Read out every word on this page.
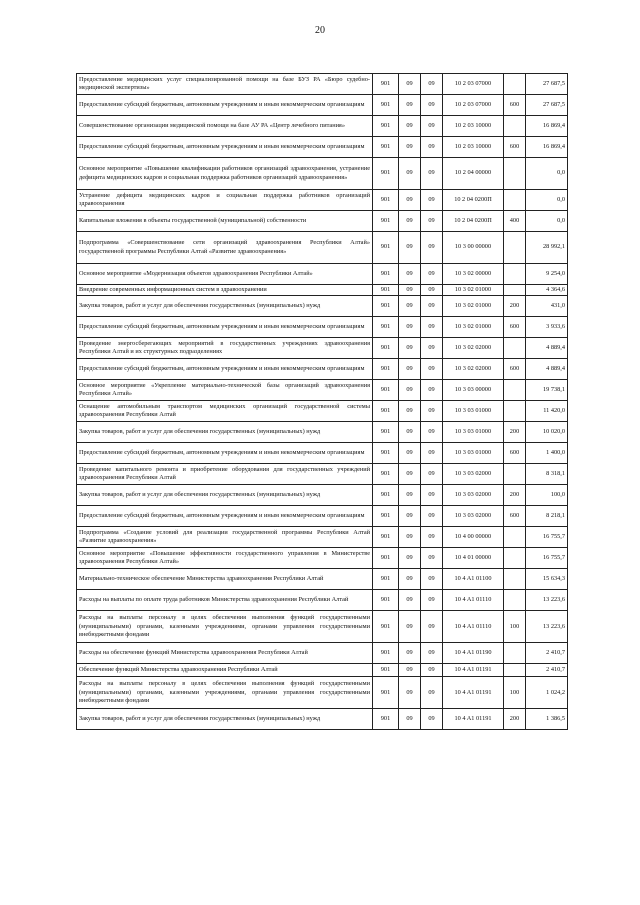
20
Предоставление медицинских услуг специализированной помощи на базе БУЗ РА «Бюро судебно-медицинской экспертизы»	901	09	09	10 2 03 07000		27 687,5
Предоставление субсидий бюджетным, автономным учреждениям и иным некоммерческим организациям	901	09	09	10 2 03 07000	600	27 687,5
Совершенствование организации медицинской помощи на базе АУ РА «Центр лечебного питания»	901	09	09	10 2 03 10000		16 869,4
Предоставление субсидий бюджетным, автономным учреждениям и иным некоммерческим организациям	901	09	09	10 2 03 10000	600	16 869,4
Основное мероприятие «Повышение квалификации работников организаций здравоохранения, устранение дефицита медицинских кадров и социальная поддержка работников организаций здравоохранения»	901	09	09	10 2 04 00000		0,0
Устранение дефицита медицинских кадров и социальная поддержка работников организаций здравоохранения	901	09	09	10 2 04 0200Π		0,0
Капитальные вложения в объекты государственной (муниципальной) собственности	901	09	09	10 2 04 0200Π	400	0,0
Подпрограмма «Совершенствование сети организаций здравоохранения Республики Алтай» государственной программы Республики Алтай «Развитие здравоохранения»	901	09	09	10 3 00 00000		28 992,1
Основное мероприятие «Модернизация объектов здравоохранения Республики Алтай»	901	09	09	10 3 02 00000		9 254,0
Внедрение современных информационных систем в здравоохранении	901	09	09	10 3 02 01000		4 364,6
Закупка товаров, работ и услуг для обеспечения государственных (муниципальных) нужд	901	09	09	10 3 02 01000	200	431,0
Предоставление субсидий бюджетным, автономным учреждениям и иным некоммерческим организациям	901	09	09	10 3 02 01000	600	3 933,6
Проведение энергосберегающих мероприятий в государственных учреждениях здравоохранения Республики Алтай и их структурных подразделениях	901	09	09	10 3 02 02000		4 889,4
Предоставление субсидий бюджетным, автономным учреждениям и иным некоммерческим организациям	901	09	09	10 3 02 02000	600	4 889,4
Основное мероприятие «Укрепление материально-технической базы организаций здравоохранения Республики Алтай»	901	09	09	10 3 03 00000		19 738,1
Оснащение автомобильным транспортом медицинских организаций государственной системы здравоохранения Республики Алтай	901	09	09	10 3 03 01000		11 420,0
Закупка товаров, работ и услуг для обеспечения государственных (муниципальных) нужд	901	09	09	10 3 03 01000	200	10 020,0
Предоставление субсидий бюджетным, автономным учреждениям и иным некоммерческим организациям	901	09	09	10 3 03 01000	600	1 400,0
Проведение капитального ремонта и приобретение оборудования для государственных учреждений здравоохранения Республики Алтай	901	09	09	10 3 03 02000		8 318,1
Закупка товаров, работ и услуг для обеспечения государственных (муниципальных) нужд	901	09	09	10 3 03 02000	200	100,0
Предоставление субсидий бюджетным, автономным учреждениям и иным некоммерческим организациям	901	09	09	10 3 03 02000	600	8 218,1
Подпрограмма «Создание условий для реализации государственной программы Республики Алтай «Развитие здравоохранения»	901	09	09	10 4 00 00000		16 755,7
Основное мероприятие «Повышение эффективности государственного управления в Министерстве здравоохранения Республики Алтай»	901	09	09	10 4 01 00000		16 755,7
Материально-техническое обеспечение Министерства здравоохранения Республики Алтай	901	09	09	10 4 A1 01100		15 634,3
Расходы на выплаты по оплате труда работников Министерства здравоохранения Республики Алтай	901	09	09	10 4 A1 01110		13 223,6
Расходы на выплаты персоналу в целях обеспечения выполнения функций государственными (муниципальными) органами, казенными учреждениями, органами управления государственными внебюджетными фондами	901	09	09	10 4 A1 01110	100	13 223,6
Расходы на обеспечение функций Министерства здравоохранения Республики Алтай	901	09	09	10 4 A1 01190		2 410,7
Обеспечение функций Министерства здравоохранения Республики Алтай	901	09	09	10 4 A1 01191		2 410,7
Расходы на выплаты персоналу в целях обеспечения выполнения функций государственными (муниципальными) органами, казенными учреждениями, органами управления государственными внебюджетными фондами	901	09	09	10 4 A1 01191	100	1 024,2
Закупка товаров, работ и услуг для обеспечения государственных (муниципальных) нужд	901	09	09	10 4 A1 01191	200	1 386,5
